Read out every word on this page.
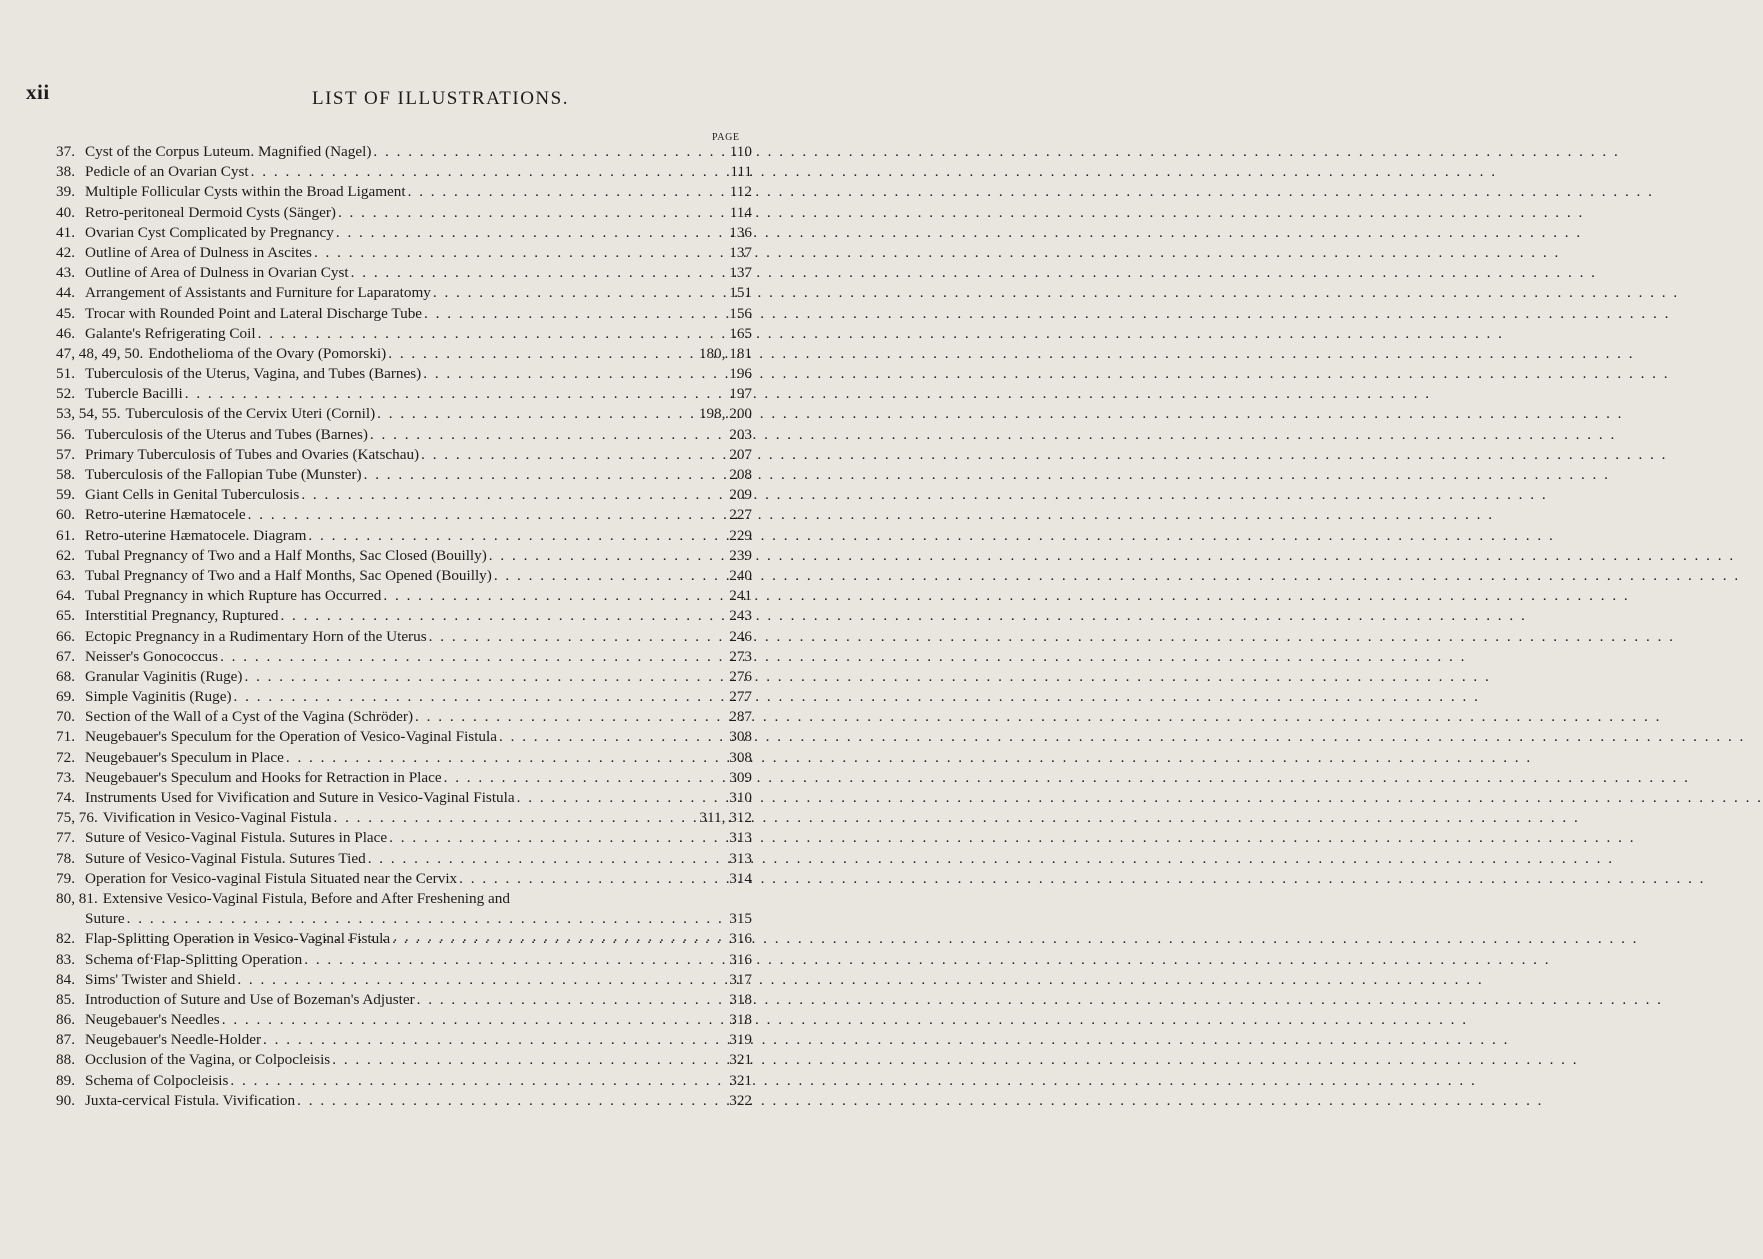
xii	LIST OF ILLUSTRATIONS.
PAGE
37. Cyst of the Corpus Luteum. Magnified (Nagel) . . .	110
38. Pedicle of an Ovarian Cyst . . .	111
39. Multiple Follicular Cysts within the Broad Ligament . . .	112
40. Retro-peritoneal Dermoid Cysts (Sänger) . . .	114
41. Ovarian Cyst Complicated by Pregnancy . . .	136
42. Outline of Area of Dulness in Ascites . . .	137
43. Outline of Area of Dulness in Ovarian Cyst . . .	137
44. Arrangement of Assistants and Furniture for Laparatomy . . .	151
45. Trocar with Rounded Point and Lateral Discharge Tube . . .	156
46. Galante's Refrigerating Coil . . .	165
47, 48, 49, 50. Endothelioma of the Ovary (Pomorski) . . .	180, 181
51. Tuberculosis of the Uterus, Vagina, and Tubes (Barnes) . . .	196
52. Tubercle Bacilli . . .	197
53, 54, 55. Tuberculosis of the Cervix Uteri (Cornil) . . .	198, 200
56. Tuberculosis of the Uterus and Tubes (Barnes) . . .	203
57. Primary Tuberculosis of Tubes and Ovaries (Katschau) . . .	207
58. Tuberculosis of the Fallopian Tube (Munster) . . .	208
59. Giant Cells in Genital Tuberculosis . . .	209
60. Retro-uterine Hæmatocele . . .	227
61. Retro-uterine Hæmatocele. Diagram . . .	229
62. Tubal Pregnancy of Two and a Half Months, Sac Closed (Bouilly) . . .	239
63. Tubal Pregnancy of Two and a Half Months, Sac Opened (Bouilly) . . .	240
64. Tubal Pregnancy in which Rupture has Occurred . . .	241
65. Interstitial Pregnancy, Ruptured . . .	243
66. Ectopic Pregnancy in a Rudimentary Horn of the Uterus . . .	246
67. Neisser's Gonococcus . . .	273
68. Granular Vaginitis (Ruge) . . .	276
69. Simple Vaginitis (Ruge) . . .	277
70. Section of the Wall of a Cyst of the Vagina (Schröder) . . .	287
71. Neugebauer's Speculum for the Operation of Vesico-Vaginal Fistula . . .	308
72. Neugebauer's Speculum in Place . . .	308
73. Neugebauer's Speculum and Hooks for Retraction in Place . . .	309
74. Instruments Used for Vivification and Suture in Vesico-Vaginal Fistula . . .	310
75, 76. Vivification in Vesico-Vaginal Fistula . . .	311, 312
77. Suture of Vesico-Vaginal Fistula. Sutures in Place . . .	313
78. Suture of Vesico-Vaginal Fistula. Sutures Tied . . .	313
79. Operation for Vesico-vaginal Fistula Situated near the Cervix . . .	314
80, 81. Extensive Vesico-Vaginal Fistula, Before and After Freshening and
Suture . . .	315
82. Flap-Splitting Operation in Vesico-Vaginal Fistula . . .	316
83. Schema of Flap-Splitting Operation . . .	316
84. Sims' Twister and Shield . . .	317
85. Introduction of Suture and Use of Bozeman's Adjuster . . .	318
86. Neugebauer's Needles . . .	318
87. Neugebauer's Needle-Holder . . .	319
88. Occlusion of the Vagina, or Colpocleisis . . .	321
89. Schema of Colpocleisis . . .	321
90. Juxta-cervical Fistula. Vivification . . .	322
